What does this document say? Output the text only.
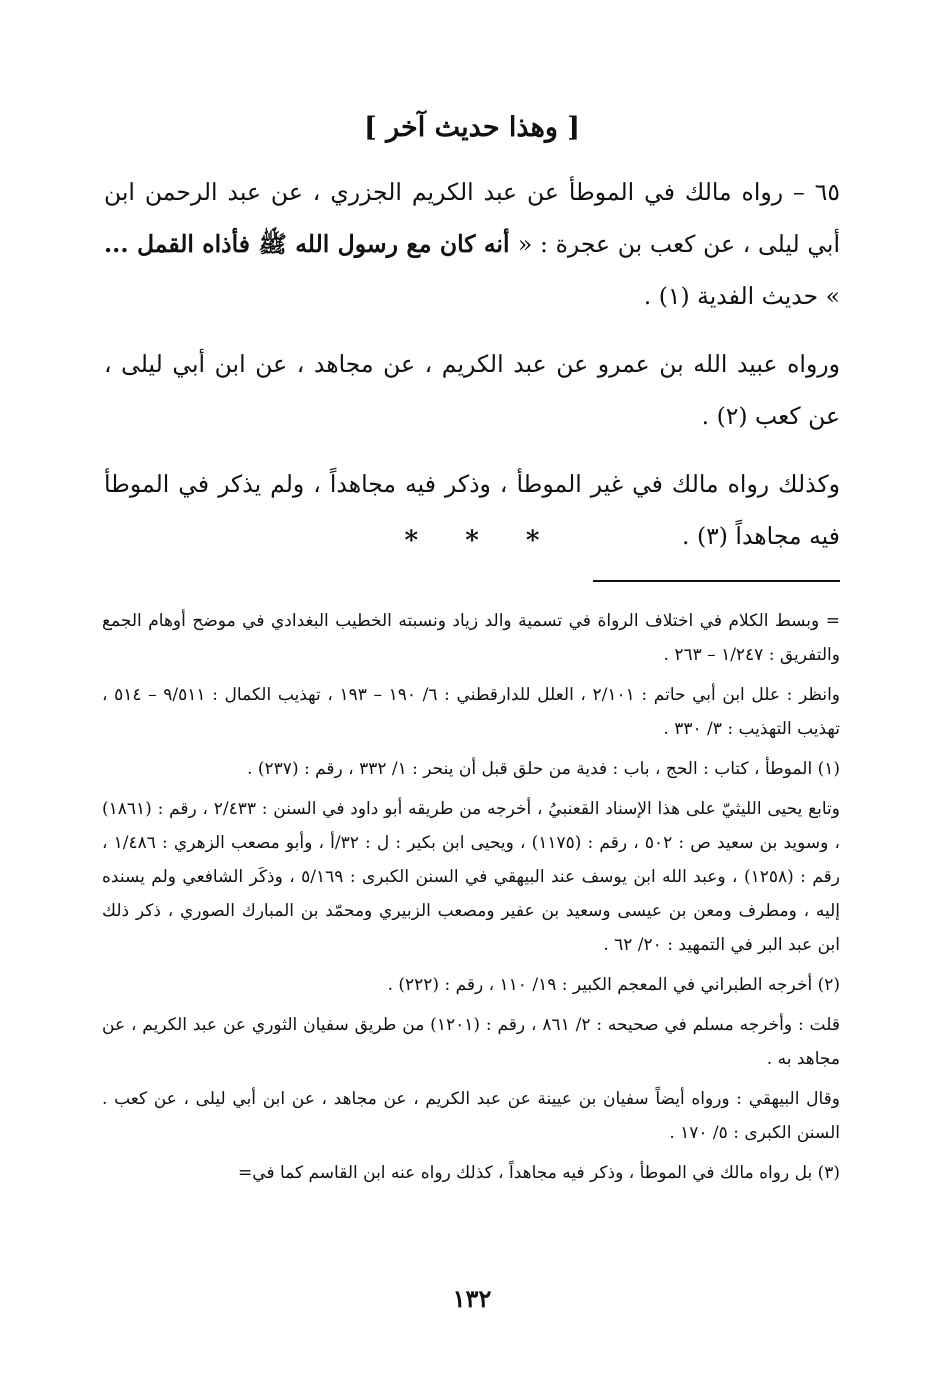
[ وهذا حديث آخر ]

٦٥ – رواه مالك في الموطأ عن عبد الكريم الجزري ، عن عبد الرحمن ابن أبي ليلى ، عن كعب بن عجرة : « أنه كان مع رسول الله ﷺ فأذاه القمل ... » حديث الفدية (١) .

ورواه عبيد الله بن عمرو عن عبد الكريم ، عن مجاهد ، عن ابن أبي ليلى ، عن كعب (٢) .

وكذلك رواه مالك في غير الموطأ ، وذكر فيه مجاهداً ، ولم يذكر في الموطأ فيه مجاهداً (٣) .

* * *

= وبسط الكلام في اختلاف الرواة في تسمية والد زياد ونسبته الخطيب البغدادي في موضح أوهام الجمع والتفريق : ١/٢٤٧ – ٢٦٣ .

وانظر : علل ابن أبي حاتم : ٢/١٠١ ، العلل للدارقطني : ٦/ ١٩٠ – ١٩٣ ، تهذيب الكمال : ٩/٥١١ – ٥١٤ ، تهذيب التهذيب : ٣/ ٣٣٠ .

(١) الموطأ ، كتاب : الحج ، باب : فدية من حلق قبل أن ينحر : ١/ ٣٣٢ ، رقم : (٢٣٧) .

وتابع يحيى الليثيّ على هذا الإسناد القعنبيُ ، أخرجه من طريقه أبو داود في السنن : ٢/٤٣٣ ، رقم : (١٨٦١) ، وسويد بن سعيد ص : ٥٠٢ ، رقم : (١١٧٥) ، ويحيى ابن بكير : ل : ٣٢/أ ، وأبو مصعب الزهري : ١/٤٨٦ ، رقم : (١٢٥٨) ، وعبد الله ابن يوسف عند البيهقي في السنن الكبرى : ٥/١٦٩ ، وذكَر الشافعي ولم يسنده إليه ، ومطرف ومعن بن عيسى وسعيد بن عفير ومصعب الزبيري ومحمّد بن المبارك الصوري ، ذكر ذلك ابن عبد البر في التمهيد : ٢٠/ ٦٢ .

(٢) أخرجه الطبراني في المعجم الكبير : ١٩/ ١١٠ ، رقم : (٢٢٢) .

قلت : وأخرجه مسلم في صحيحه : ٢/ ٨٦١ ، رقم : (١٢٠١) من طريق سفيان الثوري عن عبد الكريم ، عن مجاهد به .

وقال البيهقي : ورواه أيضاً سفيان بن عيينة عن عبد الكريم ، عن مجاهد ، عن ابن أبي ليلى ، عن كعب . السنن الكبرى : ٥/ ١٧٠ .

(٣) بل رواه مالك في الموطأ ، وذكر فيه مجاهداً ، كذلك رواه عنه ابن القاسم كما في=

١٣٢
